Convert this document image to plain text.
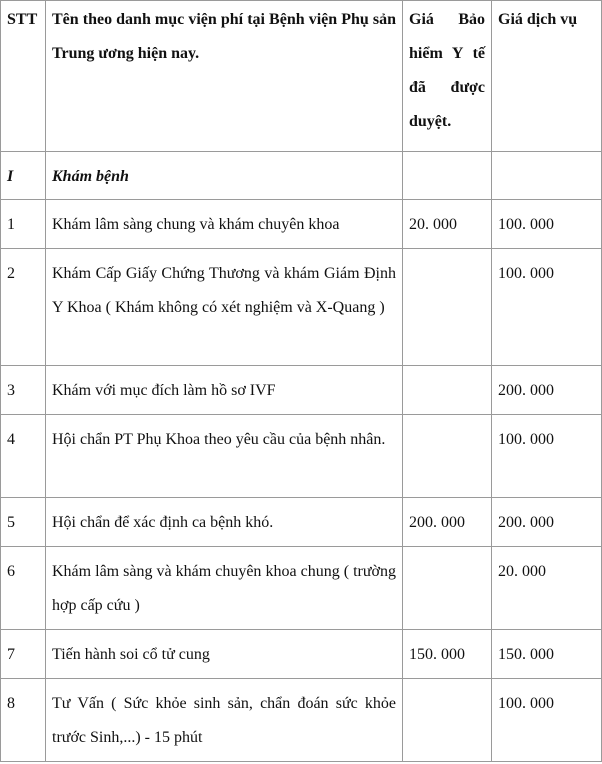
STT	Tên theo danh mục viện phí tại Bệnh viện Phụ sản Trung ương hiện nay.	Giá Bảo hiểm Y tế đã được duyệt.	Giá dịch vụ
I	Khám bệnh		
1	Khám lâm sàng chung và khám chuyên khoa	20. 000	100. 000
2	Khám Cấp Giấy Chứng Thương và khám Giám Định Y Khoa ( Khám không có xét nghiệm và X-Quang )		100. 000
3	Khám với mục đích làm hồ sơ IVF		200. 000
4	Hội chẩn PT Phụ Khoa theo yêu cầu của bệnh nhân.		100. 000
5	Hội chẩn để xác định ca bệnh khó.	200. 000	200. 000
6	Khám lâm sàng và khám chuyên khoa chung ( trường hợp cấp cứu )		20. 000
7	Tiến hành soi cổ tử cung	150. 000	150. 000
8	Tư Vấn ( Sức khỏe sinh sản, chẩn đoán sức khỏe trước Sinh,...) - 15 phút		100. 000
